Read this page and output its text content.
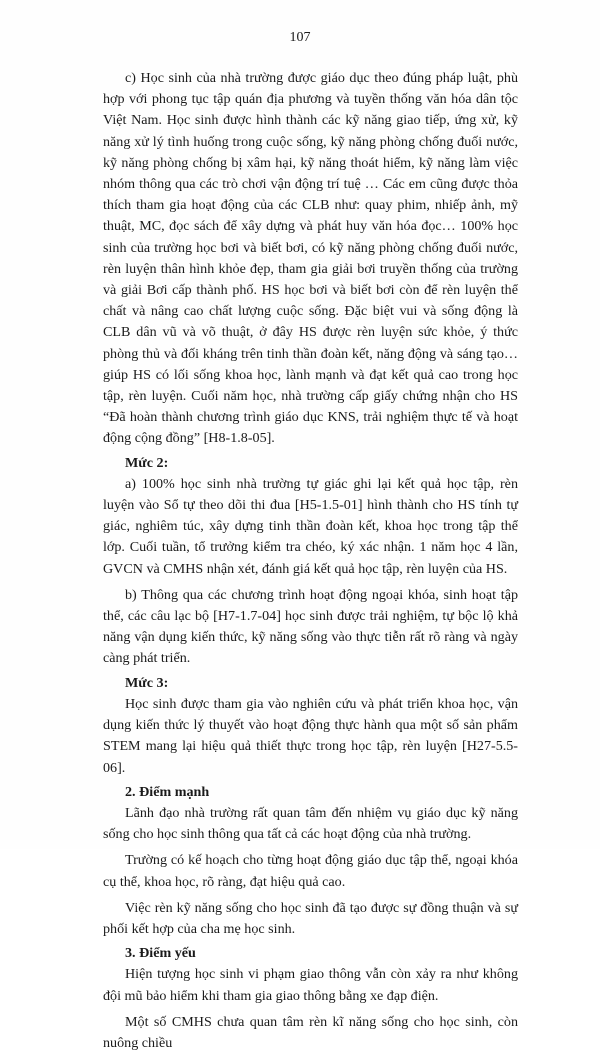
107

c) Học sinh của nhà trường được giáo dục theo đúng pháp luật, phù hợp với phong tục tập quán địa phương và tuyền thống văn hóa dân tộc Việt Nam. Học sinh được hình thành các kỹ năng giao tiếp, ứng xử, kỹ năng xử lý tình huống trong cuộc sống, kỹ năng phòng chống đuối nước, kỹ năng phòng chống bị xâm hại, kỹ năng thoát hiểm, kỹ năng làm việc nhóm thông qua các trò chơi vận động trí tuệ … Các em cũng được thỏa thích tham gia hoạt động của các CLB như: quay phim, nhiếp ảnh, mỹ thuật, MC, đọc sách để xây dựng và phát huy văn hóa đọc… 100% học sinh của trường học bơi và biết bơi, có kỹ năng phòng chống đuối nước, rèn luyện thân hình khỏe đẹp, tham gia giải bơi truyền thống của trường và giải Bơi cấp thành phố. HS học bơi và biết bơi còn để rèn luyện thể chất và nâng cao chất lượng cuộc sống. Đặc biệt vui và sống động là CLB dân vũ và võ thuật, ở đây HS được rèn luyện sức khỏe, ý thức phòng thủ và đối kháng trên tinh thần đoàn kết, năng động và sáng tạo… giúp HS có lối sống khoa học, lành mạnh và đạt kết quả cao trong học tập, rèn luyện. Cuối năm học, nhà trường cấp giấy chứng nhận cho HS “Đã hoàn thành chương trình giáo dục KNS, trải nghiệm thực tế và hoạt động cộng đồng” [H8-1.8-05].

Mức 2:

a) 100% học sinh nhà trường tự giác ghi lại kết quả học tập, rèn luyện vào Sổ tự theo dõi thi đua [H5-1.5-01] hình thành cho HS tính tự giác, nghiêm túc, xây dựng tinh thần đoàn kết, khoa học trong tập thể lớp. Cuối tuần, tổ trưởng kiểm tra chéo, ký xác nhận. 1 năm học 4 lần, GVCN và CMHS nhận xét, đánh giá kết quả học tập, rèn luyện của HS.

b) Thông qua các chương trình hoạt động ngoại khóa, sinh hoạt tập thể, các câu lạc bộ [H7-1.7-04] học sinh được trải nghiệm, tự bộc lộ khả năng vận dụng kiến thức, kỹ năng sống vào thực tiễn rất rõ ràng và ngày càng phát triển.

Mức 3:

Học sinh được tham gia vào nghiên cứu và phát triển khoa học, vận dụng kiến thức lý thuyết vào hoạt động thực hành qua một số sản phẩm STEM mang lại hiệu quả thiết thực trong học tập, rèn luyện [H27-5.5-06].

2. Điểm mạnh

Lãnh đạo nhà trường rất quan tâm đến nhiệm vụ giáo dục kỹ năng sống cho học sinh thông qua tất cả các hoạt động của nhà trường.

Trường có kế hoạch cho từng hoạt động giáo dục tập thể, ngoại khóa cụ thể, khoa học, rõ ràng, đạt hiệu quả cao.

Việc rèn kỹ năng sống cho học sinh đã tạo được sự đồng thuận và sự phối kết hợp của cha mẹ học sinh.

3. Điểm yếu

Hiện tượng học sinh vi phạm giao thông vẫn còn xảy ra như không đội mũ bảo hiểm khi tham gia giao thông bằng xe đạp điện.

Một số CMHS chưa quan tâm rèn kĩ năng sống cho học sinh, còn nuông chiều
